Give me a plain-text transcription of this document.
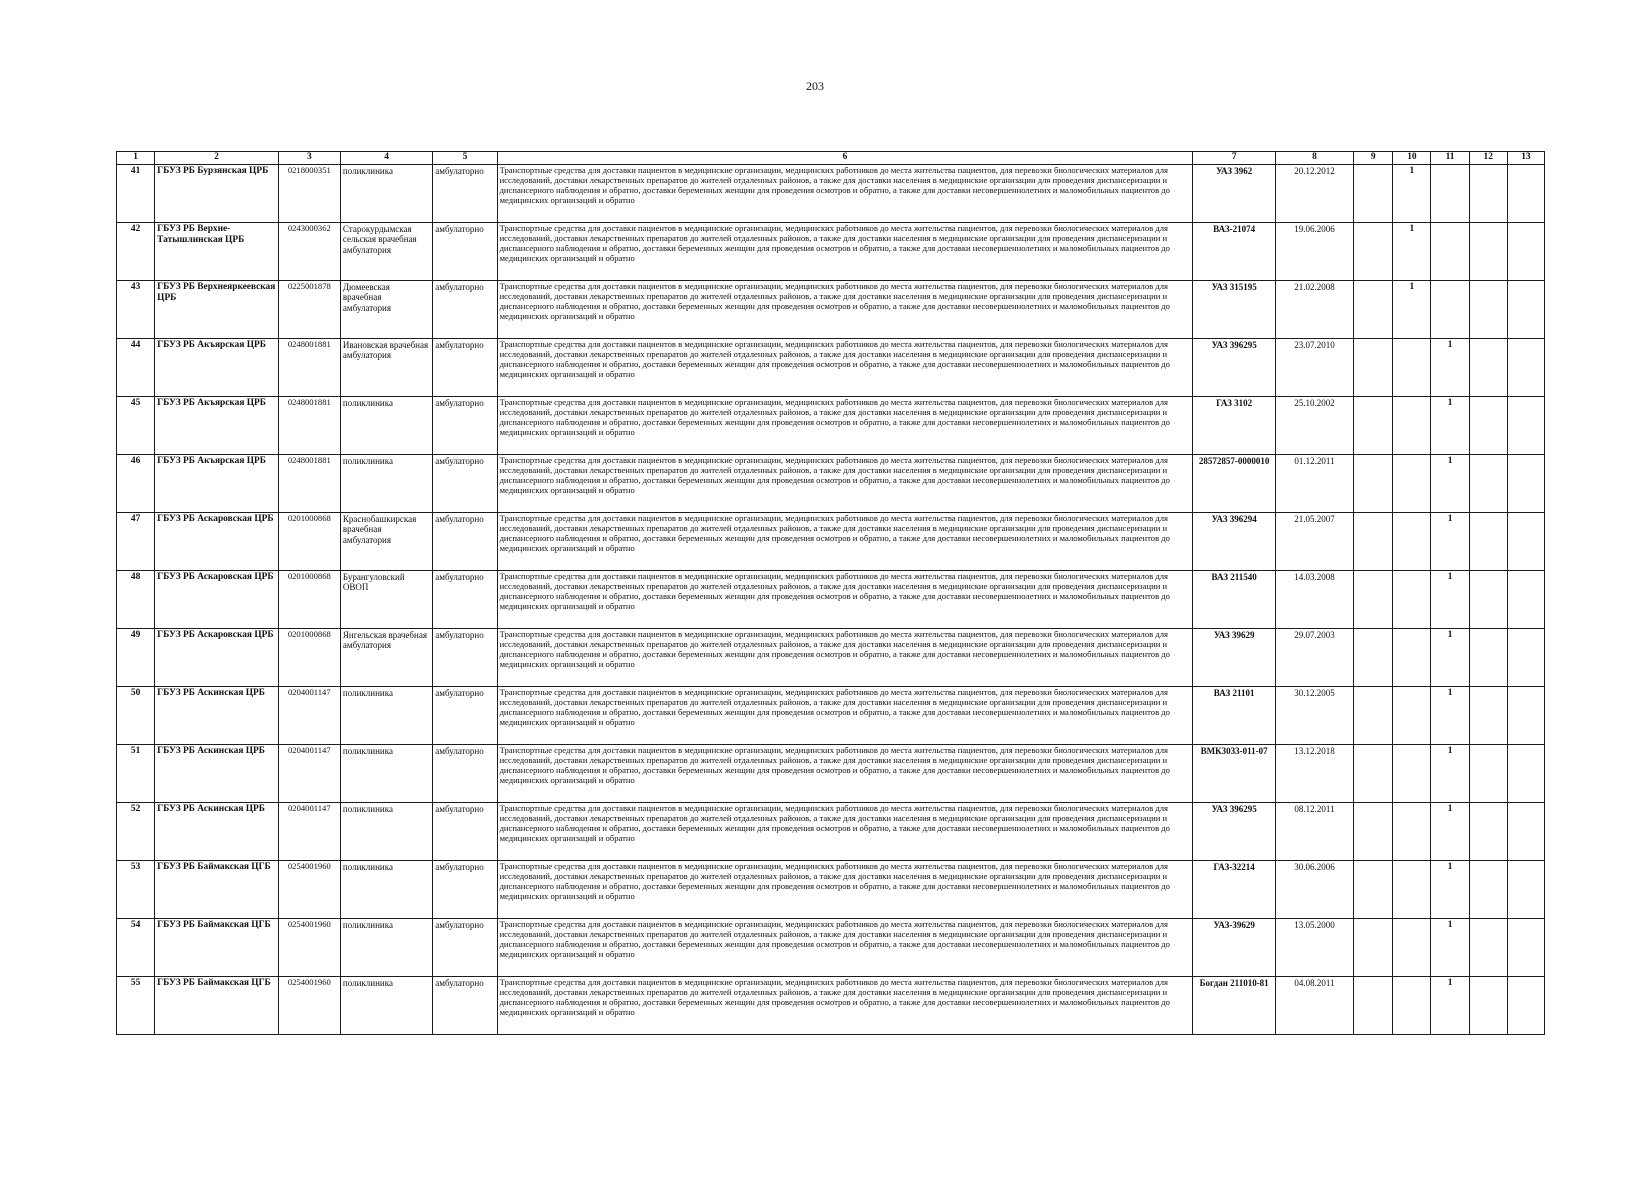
203
1	2	3	4	5	6	7	8	9	10	11	12	13
41	ГБУЗ РБ Бурзянская ЦРБ	0218000351	поликлиника	амбулаторно	Транспортные средства для доставки пациентов в медицинские организации, медицинских работников до места жительства пациентов, для перевозки биологических материалов для исследований, доставки лекарственных препаратов до жителей отдаленных районов, а также для доставки населения в медицинские организации для проведения диспансеризации и диспансерного наблюдения и обратно, доставки беременных женщин для проведения осмотров и обратно, а также для доставки несовершеннолетних и маломобильных пациентов до медицинских организаций и обратно	УАЗ 3962	20.12.2012		1			
42	ГБУЗ РБ Верхне-Татышлинская ЦРБ	0243000362	Старокурдымская сельская врачебная амбулатория	амбулаторно	Транспортные средства для доставки пациентов в медицинские организации, медицинских работников до места жительства пациентов, для перевозки биологических материалов для исследований, доставки лекарственных препаратов до жителей отдаленных районов, а также для доставки населения в медицинские организации для проведения диспансеризации и диспансерного наблюдения и обратно, доставки беременных женщин для проведения осмотров и обратно, а также для доставки несовершеннолетних и маломобильных пациентов до медицинских организаций и обратно	ВАЗ-21074	19.06.2006		1			
43	ГБУЗ РБ Верхнеяркеевская ЦРБ	0225001878	Дюмеевская врачебная амбулатория	амбулаторно	Транспортные средства для доставки пациентов в медицинские организации, медицинских работников до места жительства пациентов, для перевозки биологических материалов для исследований, доставки лекарственных препаратов до жителей отдаленных районов, а также для доставки населения в медицинские организации для проведения диспансеризации и диспансерного наблюдения и обратно, доставки беременных женщин для проведения осмотров и обратно, а также для доставки несовершеннолетних и маломобильных пациентов до медицинских организаций и обратно	УАЗ 315195	21.02.2008		1			
44	ГБУЗ РБ Акъярская ЦРБ	0248001881	Ивановская врачебная амбулатория	амбулаторно	Транспортные средства для доставки пациентов в медицинские организации, медицинских работников до места жительства пациентов, для перевозки биологических материалов для исследований, доставки лекарственных препаратов до жителей отдаленных районов, а также для доставки населения в медицинские организации для проведения диспансеризации и диспансерного наблюдения и обратно, доставки беременных женщин для проведения осмотров и обратно, а также для доставки несовершеннолетних и маломобильных пациентов до медицинских организаций и обратно	УАЗ 396295	23.07.2010			1		
45	ГБУЗ РБ Акъярская ЦРБ	0248001881	поликлиника	амбулаторно	Транспортные средства для доставки пациентов в медицинские организации, медицинских работников до места жительства пациентов, для перевозки биологических материалов для исследований, доставки лекарственных препаратов до жителей отдаленных районов, а также для доставки населения в медицинские организации для проведения диспансеризации и диспансерного наблюдения и обратно, доставки беременных женщин для проведения осмотров и обратно, а также для доставки несовершеннолетних и маломобильных пациентов до медицинских организаций и обратно	ГАЗ 3102	25.10.2002			1		
46	ГБУЗ РБ Акъярская ЦРБ	0248001881	поликлиника	амбулаторно	Транспортные средства для доставки пациентов в медицинские организации, медицинских работников до места жительства пациентов, для перевозки биологических материалов для исследований, доставки лекарственных препаратов до жителей отдаленных районов, а также для доставки населения в медицинские организации для проведения диспансеризации и диспансерного наблюдения и обратно, доставки беременных женщин для проведения осмотров и обратно, а также для доставки несовершеннолетних и маломобильных пациентов до медицинских организаций и обратно	28572857-0000010	01.12.2011			1		
47	ГБУЗ РБ Аскаровская ЦРБ	0201000868	Краснобашкирская врачебная амбулатория	амбулаторно	Транспортные средства для доставки пациентов в медицинские организации, медицинских работников до места жительства пациентов, для перевозки биологических материалов для исследований, доставки лекарственных препаратов до жителей отдаленных районов, а также для доставки населения в медицинские организации для проведения диспансеризации и диспансерного наблюдения и обратно, доставки беременных женщин для проведения осмотров и обратно, а также для доставки несовершеннолетних и маломобильных пациентов до медицинских организаций и обратно	УАЗ 396294	21.05.2007			1		
48	ГБУЗ РБ Аскаровская ЦРБ	0201000868	Бурангуловский ОВОП	амбулаторно	Транспортные средства для доставки пациентов в медицинские организации, медицинских работников до места жительства пациентов, для перевозки биологических материалов для исследований, доставки лекарственных препаратов до жителей отдаленных районов, а также для доставки населения в медицинские организации для проведения диспансеризации и диспансерного наблюдения и обратно, доставки беременных женщин для проведения осмотров и обратно, а также для доставки несовершеннолетних и маломобильных пациентов до медицинских организаций и обратно	ВАЗ 211540	14.03.2008			1		
49	ГБУЗ РБ Аскаровская ЦРБ	0201000868	Янгельская врачебная амбулатория	амбулаторно	Транспортные средства для доставки пациентов в медицинские организации, медицинских работников до места жительства пациентов, для перевозки биологических материалов для исследований, доставки лекарственных препаратов до жителей отдаленных районов, а также для доставки населения в медицинские организации для проведения диспансеризации и диспансерного наблюдения и обратно, доставки беременных женщин для проведения осмотров и обратно, а также для доставки несовершеннолетних и маломобильных пациентов до медицинских организаций и обратно	УАЗ 39629	29.07.2003			1		
50	ГБУЗ РБ Аскинская ЦРБ	0204001147	поликлиника	амбулаторно	Транспортные средства для доставки пациентов в медицинские организации, медицинских работников до места жительства пациентов, для перевозки биологических материалов для исследований, доставки лекарственных препаратов до жителей отдаленных районов, а также для доставки населения в медицинские организации для проведения диспансеризации и диспансерного наблюдения и обратно, доставки беременных женщин для проведения осмотров и обратно, а также для доставки несовершеннолетних и маломобильных пациентов до медицинских организаций и обратно	ВАЗ 21101	30.12.2005			1		
51	ГБУЗ РБ Аскинская ЦРБ	0204001147	поликлиника	амбулаторно	Транспортные средства для доставки пациентов в медицинские организации, медицинских работников до места жительства пациентов, для перевозки биологических материалов для исследований, доставки лекарственных препаратов до жителей отдаленных районов, а также для доставки населения в медицинские организации для проведения диспансеризации и диспансерного наблюдения и обратно, доставки беременных женщин для проведения осмотров и обратно, а также для доставки несовершеннолетних и маломобильных пациентов до медицинских организаций и обратно	ВМК3033-011-07	13.12.2018			1		
52	ГБУЗ РБ Аскинская ЦРБ	0204001147	поликлиника	амбулаторно	Транспортные средства для доставки пациентов в медицинские организации, медицинских работников до места жительства пациентов, для перевозки биологических материалов для исследований, доставки лекарственных препаратов до жителей отдаленных районов, а также для доставки населения в медицинские организации для проведения диспансеризации и диспансерного наблюдения и обратно, доставки беременных женщин для проведения осмотров и обратно, а также для доставки несовершеннолетних и маломобильных пациентов до медицинских организаций и обратно	УАЗ 396295	08.12.2011			1		
53	ГБУЗ РБ Баймакская ЦГБ	0254001960	поликлиника	амбулаторно	Транспортные средства для доставки пациентов в медицинские организации, медицинских работников до места жительства пациентов, для перевозки биологических материалов для исследований, доставки лекарственных препаратов до жителей отдаленных районов, а также для доставки населения в медицинские организации для проведения диспансеризации и диспансерного наблюдения и обратно, доставки беременных женщин для проведения осмотров и обратно, а также для доставки несовершеннолетних и маломобильных пациентов до медицинских организаций и обратно	ГАЗ-32214	30.06.2006			1		
54	ГБУЗ РБ Баймакская ЦГБ	0254001960	поликлиника	амбулаторно	Транспортные средства для доставки пациентов в медицинские организации, медицинских работников до места жительства пациентов, для перевозки биологических материалов для исследований, доставки лекарственных препаратов до жителей отдаленных районов, а также для доставки населения в медицинские организации для проведения диспансеризации и диспансерного наблюдения и обратно, доставки беременных женщин для проведения осмотров и обратно, а также для доставки несовершеннолетних и маломобильных пациентов до медицинских организаций и обратно	УАЗ-39629	13.05.2000			1		
55	ГБУЗ РБ Баймакская ЦГБ	0254001960	поликлиника	амбулаторно	Транспортные средства для доставки пациентов в медицинские организации, медицинских работников до места жительства пациентов, для перевозки биологических материалов для исследований, доставки лекарственных препаратов до жителей отдаленных районов, а также для доставки населения в медицинские организации для проведения диспансеризации и диспансерного наблюдения и обратно, доставки беременных женщин для проведения осмотров и обратно, а также для доставки несовершеннолетних и маломобильных пациентов до медицинских организаций и обратно	Богдан 211010-81	04.08.2011			1		
